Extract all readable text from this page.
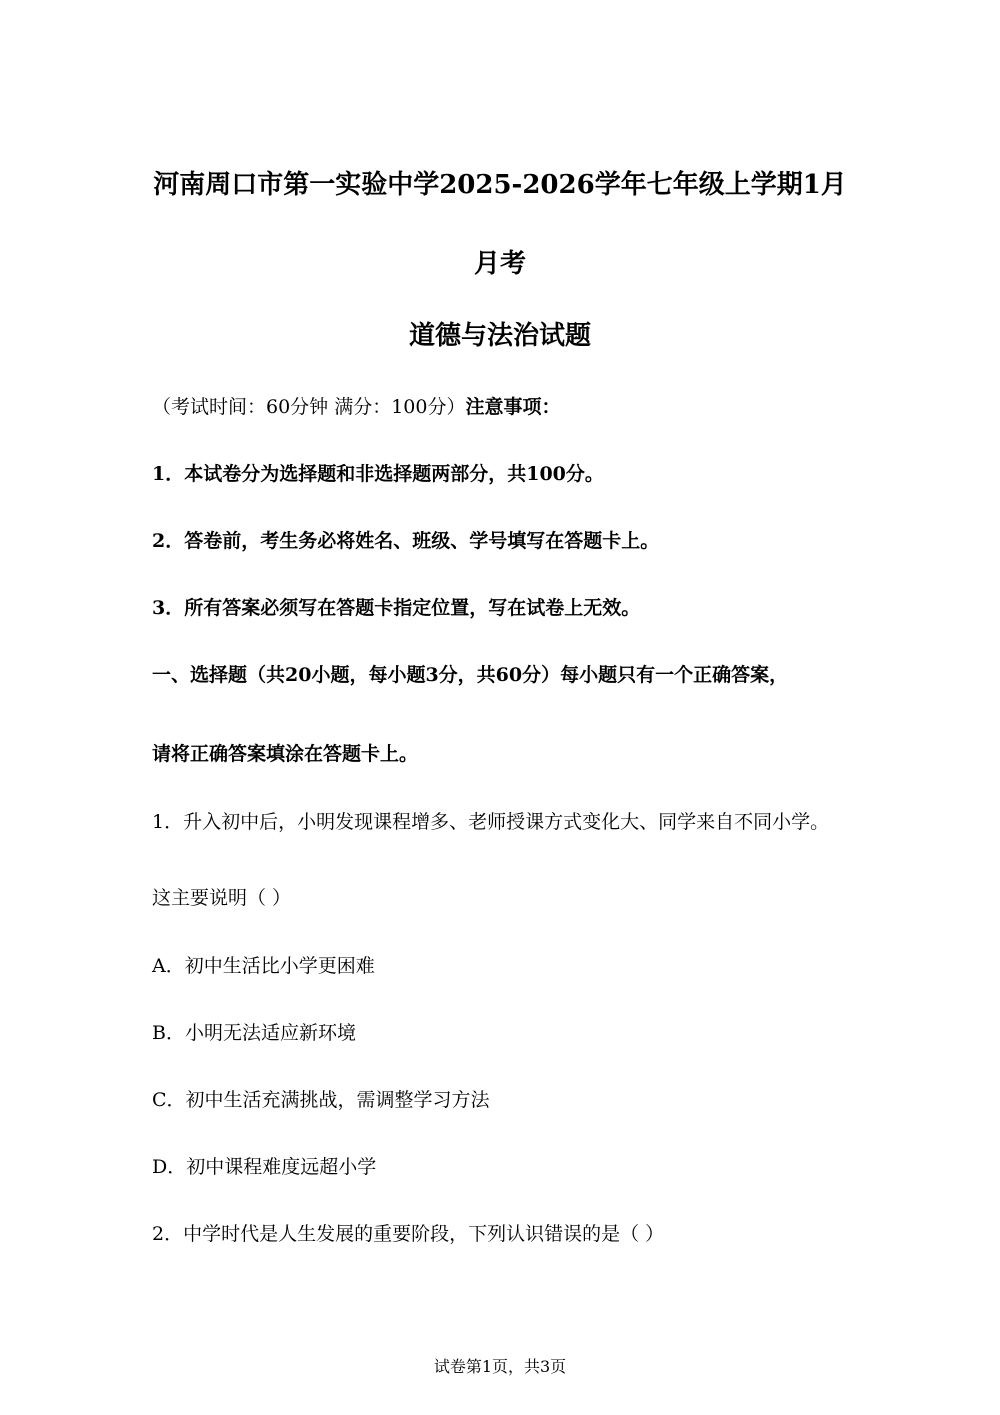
河南周口市第一实验中学2025-2026学年七年级上学期1月
月考
道德与法治试题
（考试时间：60分钟 满分：100分）注意事项：
1．本试卷分为选择题和非选择题两部分，共100分。
2．答卷前，考生务必将姓名、班级、学号填写在答题卡上。
3．所有答案必须写在答题卡指定位置，写在试卷上无效。
一、选择题（共20小题，每小题3分，共60分）每小题只有一个正确答案，
请将正确答案填涂在答题卡上。
1．升入初中后，小明发现课程增多、老师授课方式变化大、同学来自不同小学。
这主要说明（ ）
A．初中生活比小学更困难
B．小明无法适应新环境
C．初中生活充满挑战，需调整学习方法
D．初中课程难度远超小学
2．中学时代是人生发展的重要阶段，下列认识错误的是（ ）
试卷第1页，共3页
